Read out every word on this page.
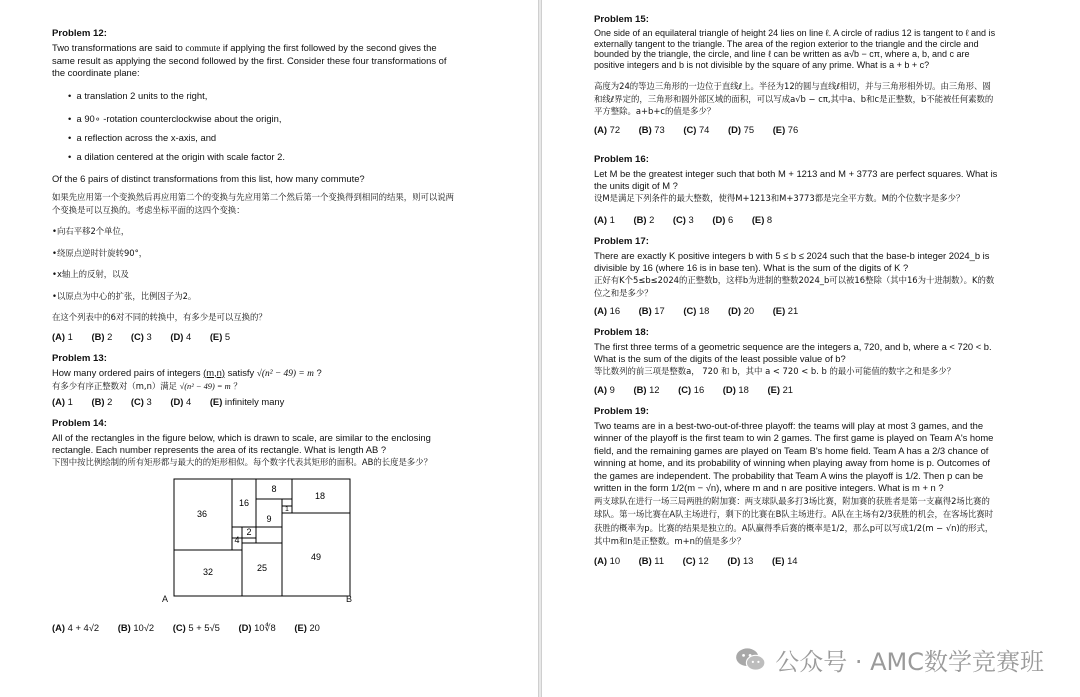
Problem 12:

Two transformations are said to commute if applying the first followed by the second gives the same result as applying the second followed by the first. Consider these four transformations of the coordinate plane:

•  a translation 2 units to the right,
•  a 90∘ -rotation counterclockwise about the origin,
•  a reflection across the x-axis, and
•  a dilation centered at the origin with scale factor 2.

Of the 6 pairs of distinct transformations from this list, how many commute?

如果先应用第一个变换然后再应用第二个的变换与先应用第二个然后第一个变换得到相同的结果，则可以说两个变换是可以互换的。考虑坐标平面的这四个变换：

•向右平移2个单位，
•绕原点逆时针旋转90°，
•x轴上的反射，以及
•以原点为中心的扩张，比例因子为2。
在这个列表中的6对不同的转换中，有多少是可以互换的？
(A) 1 (B) 2 (C) 3 (D) 4 (E) 5
Problem 13:

How many ordered pairs of integers (m,n) satisfy √(n² − 49) = m ?

有多少有序正整数对（m,n）满足 √(n² − 49) = m ？

(A) 1 (B) 2 (C) 3 (D) 4 (E) infinitely many
Problem 14:

All of the rectangles in the figure below, which is drawn to scale, are similar to the enclosing rectangle. Each number represents the area of its rectangle. What is length AB ?

下图中按比例绘制的所有矩形都与最大的的矩形相似。每个数字代表其矩形的面积。AB的长度是多少？

36
16
8
18
9
1
4
2
25
49
32
A	B
(A) 4 + 4√2 (B) 10√2 (C) 5 + 5√5 (D) 10∜8 (E) 20
Problem 15:

One side of an equilateral triangle of height 24 lies on line ℓ. A circle of radius 12 is tangent to ℓ and is externally tangent to the triangle. The area of the region exterior to the triangle and the circle and bounded by the triangle, the circle, and line ℓ can be written as a√b − cπ, where a, b, and c are positive integers and b is not divisible by the square of any prime. What is a + b + c?

高度为24的等边三角形的一边位于直线ℓ上。半径为12的圆与直线ℓ相切，并与三角形相外切。由三角形、圆和线ℓ界定的，三角形和圆外部区域的面积，可以写成a√b − cπ,其中a、b和c是正整数，b不能被任何素数的平方整除。a+b+c的值是多少？

(A) 72 (B) 73 (C) 74 (D) 75 (E) 76
Problem 16:

Let M be the greatest integer such that both M + 1213 and M + 3773 are perfect squares. What is the units digit of M ?

设M是满足下列条件的最大整数，使得M+1213和M+3773都是完全平方数。M的个位数字是多少？

(A) 1 (B) 2 (C) 3 (D) 6 (E) 8
Problem 17:

There are exactly K positive integers b with 5 ≤ b ≤ 2024 such that the base-b integer 2024_b is divisible by 16 (where 16 is in base ten). What is the sum of the digits of K ?

正好有K个5≤b≤2024的正整数b，这样b为进制的整数2024_b可以被16整除（其中16为十进制数）。K的数位之和是多少？

(A) 16 (B) 17 (C) 18 (D) 20 (E) 21
Problem 18:

The first three terms of a geometric sequence are the integers a, 720, and b, where a < 720 < b. What is the sum of the digits of the least possible value of b?

等比数列的前三项是整数a， 720 和 b，其中 a < 720 < b. b 的最小可能值的数字之和是多少？

(A) 9 (B) 12 (C) 16 (D) 18 (E) 21
Problem 19:

Two teams are in a best-two-out-of-three playoff: the teams will play at most 3 games, and the winner of the playoff is the first team to win 2 games. The first game is played on Team A's home field, and the remaining games are played on Team B's home field. Team A has a 2/3 chance of winning at home, and its probability of winning when playing away from home is p. Outcomes of the games are independent. The probability that Team A wins the playoff is 1/2. Then p can be written in the form 1/2(m − √n), where m and n are positive integers. What is m + n ?

两支球队在进行一场三局两胜的附加赛：两支球队最多打3场比赛，附加赛的获胜者是第一支赢得2场比赛的球队。第一场比赛在A队主场进行，剩下的比赛在B队主场进行。A队在主场有2/3获胜的机会，在客场比赛时获胜的概率为p。比赛的结果是独立的。A队赢得季后赛的概率是1/2，那么p可以写成1/2(m − √n)的形式，其中m和n是正整数。m+n的值是多少？

(A) 10 (B) 11 (C) 12 (D) 13 (E) 14
公众号 · AMC数学竞赛班
